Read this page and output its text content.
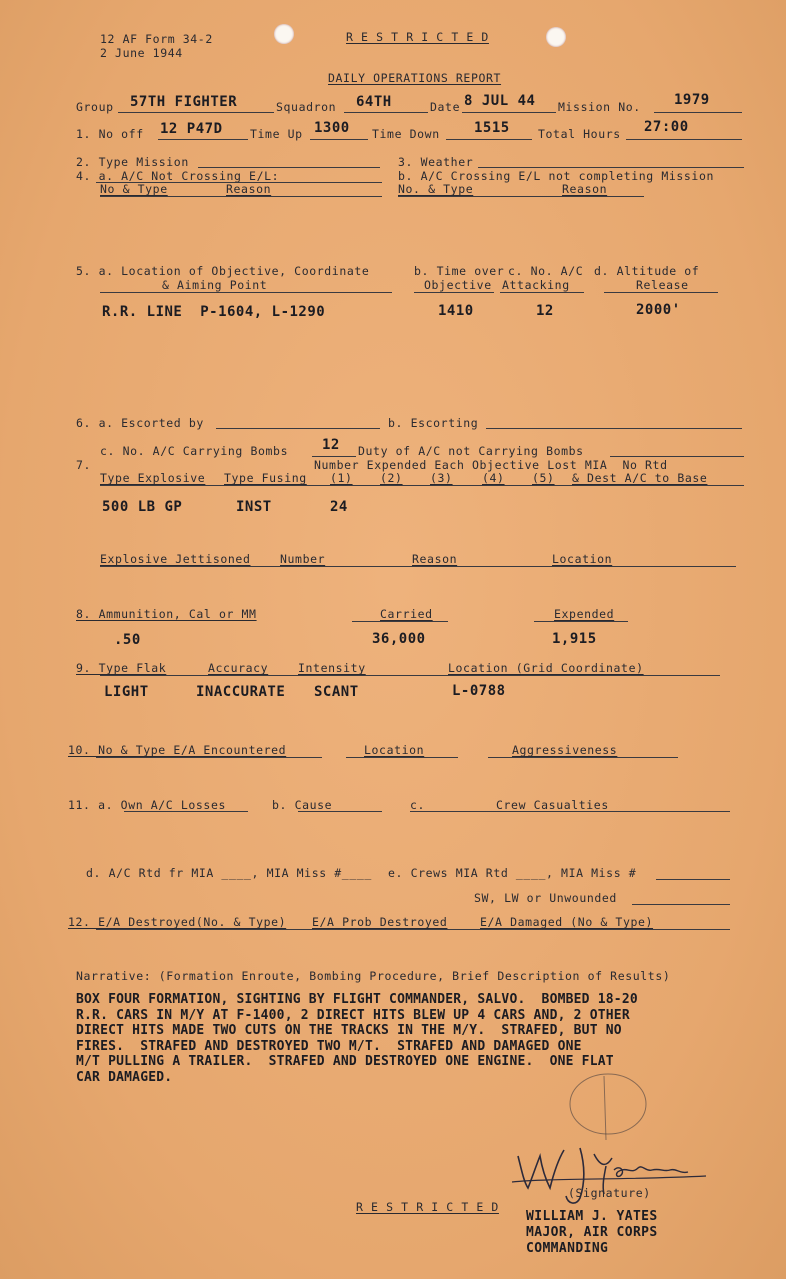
12 AF Form 34-2
2 June 1944
R E S T R I C T E D
DAILY OPERATIONS REPORT
Group 57TH FIGHTER	Squadron 64TH	Date 8 JUL 44 Mission No. 1979
1. No off 12 P47D Time Up 1300 Time Down 1515 Total Hours 27:00
2. Type Mission	3. Weather
4. a. A/C Not Crossing E/L:	b. A/C Crossing E/L not completing Mission
No & Type	Reason	No. & Type	Reason
5. a. Location of Objective, Coordinate	b. Time over c. No. A/C d. Altitude of
& Aiming Point	Objective Attacking	Release
R.R. LINE  P-1604, L-1290	1410	12	2000'
6. a. Escorted by	b. Escorting
c. No. A/C Carrying Bombs 12 Duty of A/C not Carrying Bombs
7.	Number Expended Each Objective Lost MIA  No Rtd
Type Explosive Type Fusing (1) (2) (3)	(4) (5) & Dest A/C to Base
500 LB GP	INST	24
Explosive Jettisoned	Number	Reason	Location
8. Ammunition, Cal or MM	Carried	Expended
.50	36,000	1,915
9. Type Flak	Accuracy	Intensity	Location (Grid Coordinate)
LIGHT	INACCURATE SCANT	L-0788
10. No & Type E/A Encountered	Location	Aggressiveness
11. a. Own A/C Losses	b. Cause	c.	Crew Casualties
d. A/C Rtd fr MIA ____, MIA Miss #____ e. Crews MIA Rtd ____, MIA Miss #
SW, LW or Unwounded
12. E/A Destroyed(No. & Type) E/A Prob Destroyed	E/A Damaged (No & Type)
Narrative: (Formation Enroute, Bombing Procedure, Brief Description of Results)
BOX FOUR FORMATION, SIGHTING BY FLIGHT COMMANDER, SALVO.  BOMBED 18-20
R.R. CARS IN M/Y AT F-1400, 2 DIRECT HITS BLEW UP 4 CARS AND, 2 OTHER
DIRECT HITS MADE TWO CUTS ON THE TRACKS IN THE M/Y.  STRAFED, BUT NO
FIRES.  STRAFED AND DESTROYED TWO M/T.  STRAFED AND DAMAGED ONE
M/T PULLING A TRAILER.  STRAFED AND DESTROYED ONE ENGINE.  ONE FLAT
CAR DAMAGED.
(Signature)
R E S T R I C T E D
WILLIAM J. YATES
MAJOR, AIR CORPS
COMMANDING
